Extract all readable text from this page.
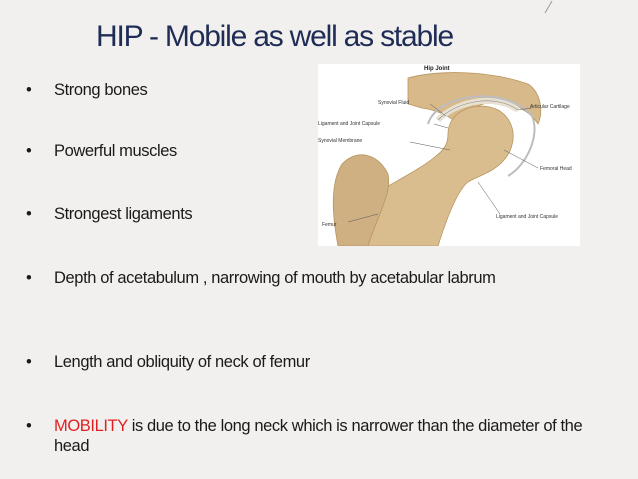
HIP - Mobile as well as stable
• Strong bones
• Powerful muscles
• Strongest ligaments
• Depth of acetabulum , narrowing of mouth by acetabular labrum
• Length and obliquity of neck of femur
• MOBILITY is due to the long neck which is narrower than the diameter of the head
Hip Joint
Synovial Fluid
Articular Cartilage
Ligament and Joint Capsule
Synovial Membrane
Femoral Head
Femur
Ligament and Joint Capsule
